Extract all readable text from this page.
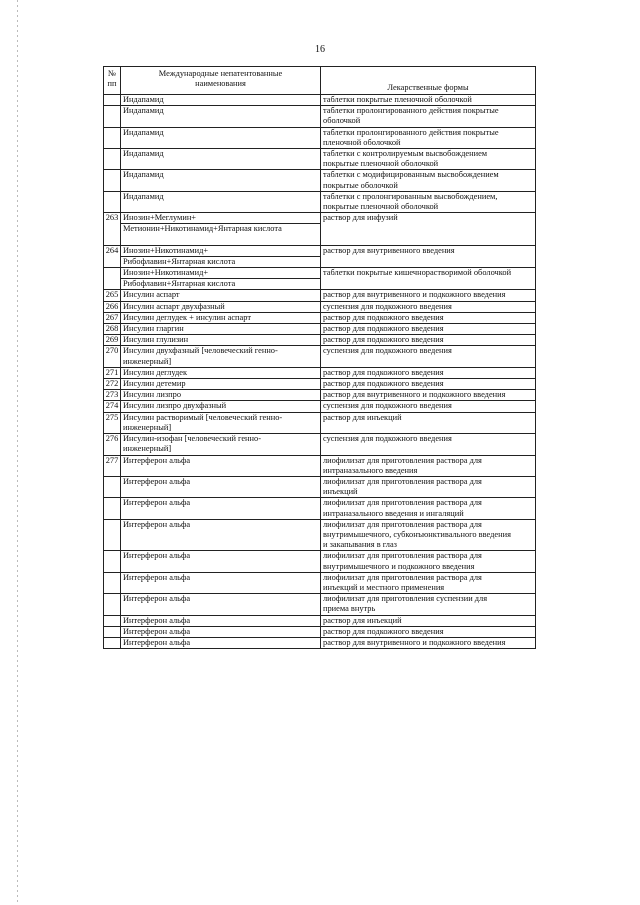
16
№
пп	Международные непатентованные
наименования	Лекарственные формы

	Индапамид	таблетки покрытые пленочной оболочкой

	Индапамид	таблетки пролонгированного действия покрытые
оболочкой

	Индапамид	таблетки пролонгированного действия покрытые
пленочной оболочкой

	Индапамид	таблетки с контролируемым высвобождением
покрытые пленочной оболочкой

	Индапамид	таблетки с модифицированным высвобождением
покрытые оболочкой

	Индапамид	таблетки с пролонгированным высвобождением,
покрытые пленочной оболочкой

263	Инозин+Меглумин+
Метионин+Никотинамид+Янтарная кислота	раствор для инфузий

264	Инозин+Никотинамид+
Рибофлавин+Янтарная кислота	раствор для внутривенного введения

	Инозин+Никотинамид+
Рибофлавин+Янтарная кислота	таблетки покрытые кишечнорастворимой оболочкой

265	Инсулин аспарт	раствор для внутривенного и подкожного введения

266	Инсулин аспарт двухфазный	суспензия для подкожного введения

267	Инсулин деглудек + инсулин аспарт	раствор для подкожного введения

268	Инсулин гларгин	раствор для подкожного введения

269	Инсулин глулизин	раствор для подкожного введения

270	Инсулин двухфазный [человеческий генно-
инженерный]	суспензия для подкожного введения

271	Инсулин деглудек	раствор для подкожного введения

272	Инсулин детемир	раствор для подкожного введения

273	Инсулин лизпро	раствор для внутривенного и подкожного введения

274	Инсулин лизпро двухфазный	суспензия для подкожного введения

275	Инсулин растворимый [человеческий генно-
инженерный]	раствор для инъекций

276	Инсулин-изофан [человеческий генно-
инженерный]	суспензия для подкожного введения

277	Интерферон альфа	лиофилизат для приготовления раствора для
интраназального введения

	Интерферон альфа	лиофилизат для приготовления раствора для
инъекций

	Интерферон альфа	лиофилизат для приготовления раствора для
интраназального введения и ингаляций

	Интерферон альфа	лиофилизат для приготовления раствора для
внутримышечного, субконъюнктивального введения
и закапывания в глаз

	Интерферон альфа	лиофилизат для приготовления раствора для
внутримышечного и подкожного введения

	Интерферон альфа	лиофилизат для приготовления раствора для
инъекций и местного применения

	Интерферон альфа	лиофилизат для приготовления суспензии для
приема внутрь

	Интерферон альфа	раствор для инъекций

	Интерферон альфа	раствор для подкожного введения

	Интерферон альфа	раствор для внутривенного и подкожного введения
